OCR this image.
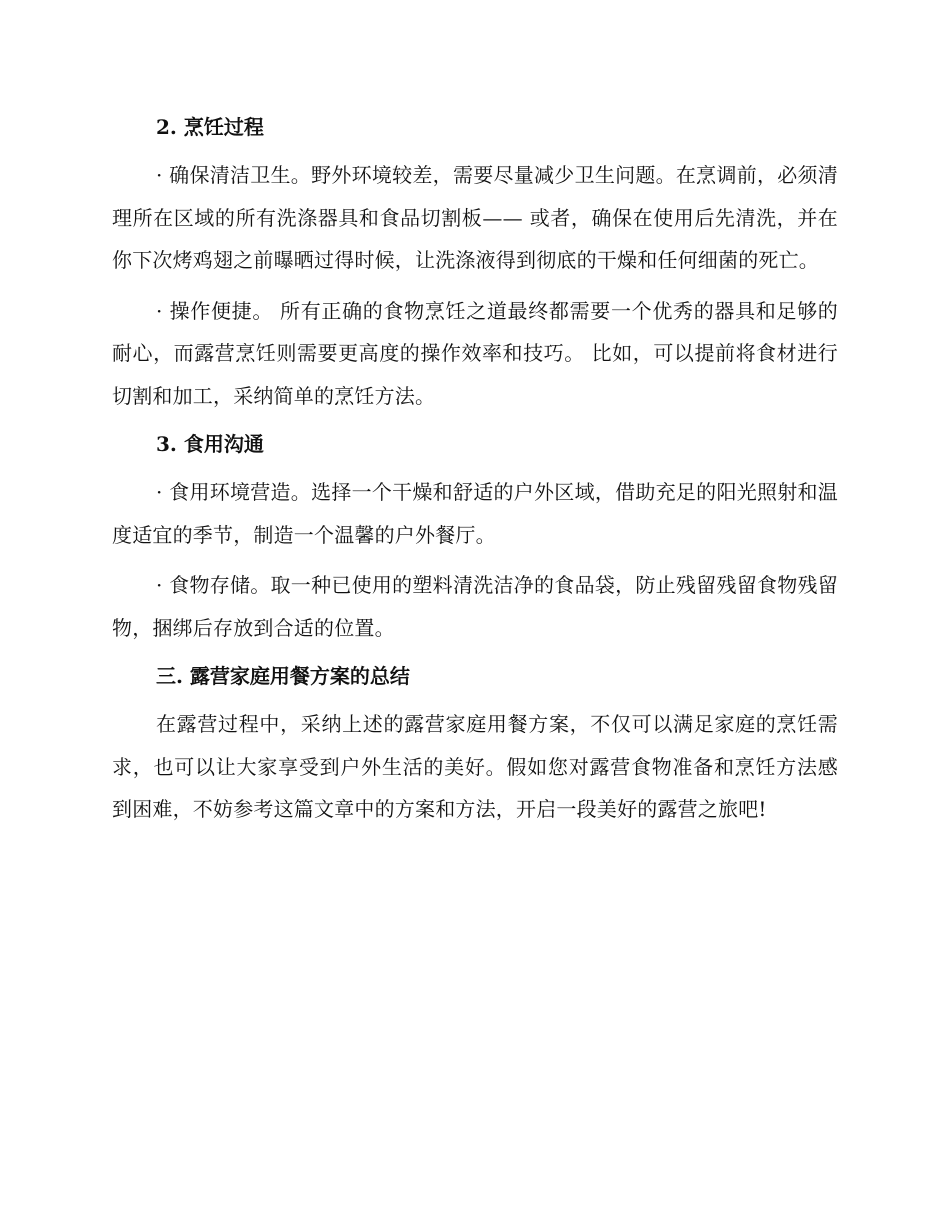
2. 烹饪过程

· 确保清洁卫生。野外环境较差，需要尽量减少卫生问题。在烹调前，必须清理所在区域的所有洗涤器具和食品切割板—— 或者，确保在使用后先清洗，并在你下次烤鸡翅之前曝晒过得时候，让洗涤液得到彻底的干燥和任何细菌的死亡。

· 操作便捷。 所有正确的食物烹饪之道最终都需要一个优秀的器具和足够的耐心，而露营烹饪则需要更高度的操作效率和技巧。 比如，可以提前将食材进行切割和加工，采纳简单的烹饪方法。

3. 食用沟通

· 食用环境营造。选择一个干燥和舒适的户外区域，借助充足的阳光照射和温度适宜的季节，制造一个温馨的户外餐厅。

· 食物存储。取一种已使用的塑料清洗洁净的食品袋，防止残留残留食物残留物，捆绑后存放到合适的位置。

三. 露营家庭用餐方案的总结

在露营过程中，采纳上述的露营家庭用餐方案，不仅可以满足家庭的烹饪需求，也可以让大家享受到户外生活的美好。假如您对露营食物准备和烹饪方法感到困难，不妨参考这篇文章中的方案和方法，开启一段美好的露营之旅吧!
